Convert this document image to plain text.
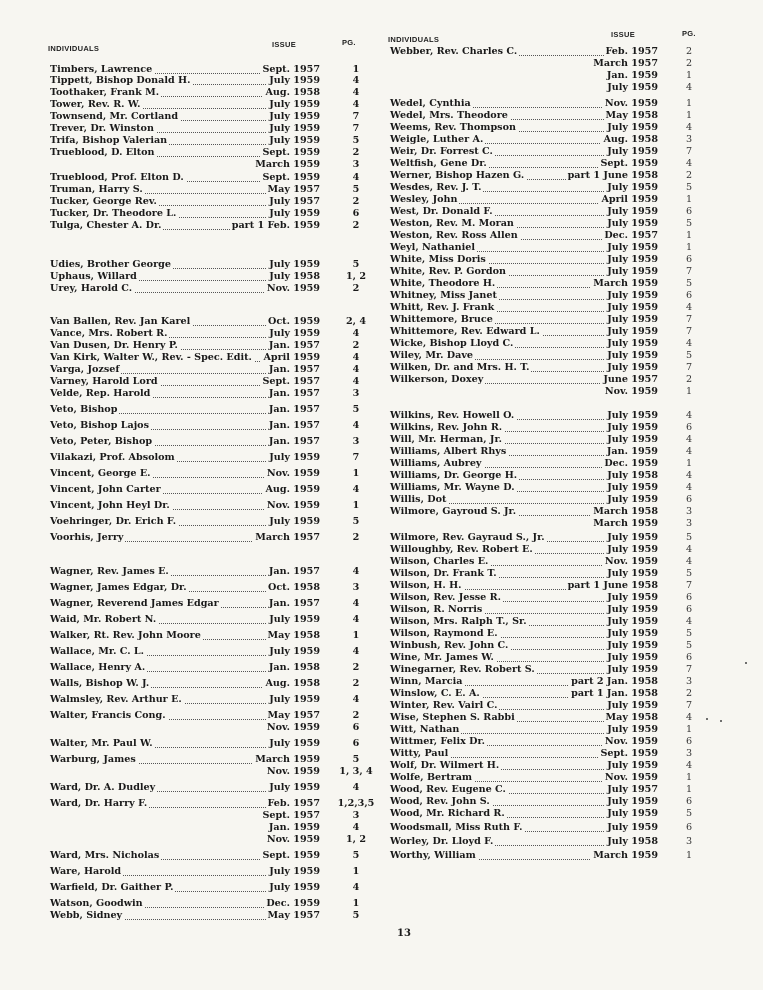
INDIVIDUALS	ISSUE	PG.	INDIVIDUALS
ISSUE	PG.
Timbers, Lawrence	Sept. 1957	1
Tippett, Bishop Donald H.	July 1959	4
Toothaker, Frank M.	Aug. 1958	4
Tower, Rev. R. W.	July 1959	4
Townsend, Mr. Cortland	July 1959	7
Trever, Dr. Winston	July 1959	7
Trifa, Bishop Valerian	July 1959	5
Trueblood, D. Elton	Sept. 1959	2
March 1959	3
Trueblood, Prof. Elton D.	Sept. 1959	4
Truman, Harry S.	May 1957	5
Tucker, George Rev.	July 1957	2
Tucker, Dr. Theodore L.	July 1959	6
Tulga, Chester A. Dr.	part 1 Feb. 1959	2
Udies, Brother George	July 1959	5
Uphaus, Willard	July 1958	1, 2
Urey, Harold C.	Nov. 1959	2
Van Ballen, Rev. Jan Karel	Oct. 1959	2, 4
Vance, Mrs. Robert R.	July 1959	4
Van Dusen, Dr. Henry P.	Jan. 1957	2
Van Kirk, Walter W., Rev. - Spec. Edit. April 1959	4
Varga, Jozsef	Jan. 1957	4
Varney, Harold Lord	Sept. 1957	4
Velde, Rep. Harold	Jan. 1957	3
Veto, Bishop	Jan. 1957	5
Veto, Bishop Lajos	Jan. 1957	4
Veto, Peter, Bishop	Jan. 1957	3
Vilakazi, Prof. Absolom	July 1959	7
Vincent, George E.	Nov. 1959	1
Vincent, John Carter	Aug. 1959	4
Vincent, John Heyl Dr.	Nov. 1959	1
Voehringer, Dr. Erich F.	July 1959	5
Voorhis, Jerry	March 1957	2
Wagner, Rev. James E.	Jan. 1957	4
Wagner, James Edgar, Dr.	Oct. 1958	3
Wagner, Reverend James Edgar	Jan. 1957	4
Waid, Mr. Robert N.	July 1959	4
Walker, Rt. Rev. John Moore	May 1958	1
Wallace, Mr. C. L.	July 1959	4
Wallace, Henry A.	Jan. 1958	2
Walls, Bishop W. J.	Aug. 1958	2
Walmsley, Rev. Arthur E.	July 1959	4
Walter, Francis Cong.	May 1957	2
Nov. 1959	6
Walter, Mr. Paul W.	July 1959	6
Warburg, James	March 1959	5
Nov. 1959	1, 3, 4
Ward, Dr. A. Dudley	July 1959	4
Ward, Dr. Harry F.	Feb. 1957	1,2,3,5
Sept. 1957	3
Jan. 1959	4
Nov. 1959	1, 2
Ward, Mrs. Nicholas	Sept. 1959	5
Ware, Harold	July 1959	1
Warfield, Dr. Gaither P.	July 1959	4
Watson, Goodwin	Dec. 1959	1
Webb, Sidney	May 1957	5
Webber, Rev. Charles C.	Feb. 1957	2
March 1957	2
Jan. 1959	1
July 1959	4
Wedel, Cynthia	Nov. 1959	1
Wedel, Mrs. Theodore	May 1958	1
Weems, Rev. Thompson	July 1959	4
Weigle, Luther A.	Aug. 1958	3
Weir, Dr. Forrest C.	July 1959	7
Weltfish, Gene Dr.	Sept. 1959	4
Werner, Bishop Hazen G.	part 1 June 1958	2
Wesdes, Rev. J. T.	July 1959	5
Wesley, John	April 1959	1
West, Dr. Donald F.	July 1959	6
Weston, Rev. M. Moran	July 1959	5
Weston, Rev. Ross Allen	Dec. 1957	1
Weyl, Nathaniel	July 1959	1
White, Miss Doris	July 1959	6
White, Rev. P. Gordon	July 1959	7
White, Theodore H.	March 1959	5
Whitney, Miss Janet	July 1959	6
Whitt, Rev. J. Frank	July 1959	4
Whittemore, Bruce	July 1959	7
Whittemore, Rev. Edward L.	July 1959	7
Wicke, Bishop Lloyd C.	July 1959	4
Wiley, Mr. Dave	July 1959	5
Wilken, Dr. and Mrs. H. T.	July 1959	7
Wilkerson, Doxey	June 1957	2
Nov. 1959	1
Wilkins, Rev. Howell O.	July 1959	4
Wilkins, Rev. John R.	July 1959	6
Will, Mr. Herman, Jr.	July 1959	4
Williams, Albert Rhys	Jan. 1959	4
Williams, Aubrey	Dec. 1959	1
Williams, Dr. George H.	July 1958	4
Williams, Mr. Wayne D.	July 1959	4
Willis, Dot	July 1959	6
Wilmore, Gayroud S. Jr.	March 1958	3
March 1959	3
Wilmore, Rev. Gayraud S., Jr.	July 1959	5
Willoughby, Rev. Robert E.	July 1959	4
Wilson, Charles E.	Nov. 1959	4
Wilson, Dr. Frank T.	July 1959	5
Wilson, H. H.	part 1 June 1958	7
Wilson, Rev. Jesse R.	July 1959	6
Wilson, R. Norris	July 1959	6
Wilson, Mrs. Ralph T., Sr.	July 1959	4
Wilson, Raymond E.	July 1959	5
Winbush, Rev. John C.	July 1959	5
Wine, Mr. James W.	July 1959	6
Winegarner, Rev. Robert S.	July 1959	7
Winn, Marcia	part 2 Jan. 1958	3
Winslow, C. E. A.	part 1 Jan. 1958	2
Winter, Rev. Vairl C.	July 1959	7
Wise, Stephen S. Rabbi	May 1958	4
Witt, Nathan	July 1959	1
Wittmer, Felix Dr.	Nov. 1959	6
Witty, Paul	Sept. 1959	3
Wolf, Dr. Wilmert H.	July 1959	4
Wolfe, Bertram	Nov. 1959	1
Wood, Rev. Eugene C.	July 1957	1
Wood, Rev. John S.	July 1959	6
Wood, Mr. Richard R.	July 1959	5
Woodsmall, Miss Ruth F.	July 1959	6
Worley, Dr. Lloyd F.	July 1958	3
Worthy, William	March 1959	1
13
